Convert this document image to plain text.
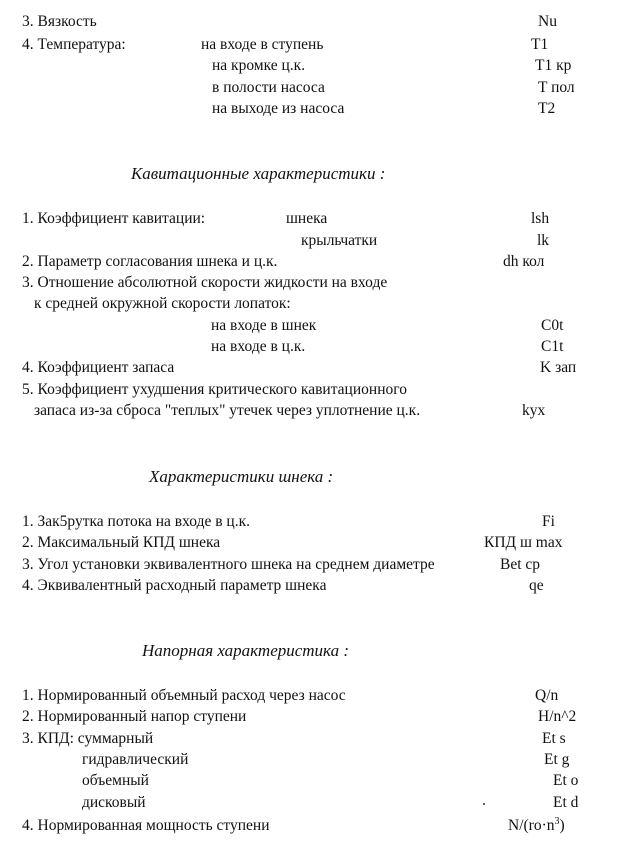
3. Вязкость	Nu
4. Температура:	на входе в ступень	T1
на кромке ц.к.	T1 кр
в полости насоса	T пол
на выходе из насоса	T2
Кавитационные характеристики :
1. Коэффициент кавитации:	шнека	lsh
крыльчатки	lk
2. Параметр согласования шнека и ц.к.	dh кол
3. Отношение абсолютной скорости жидкости на входе
к средней окружной скорости лопаток:
на входе в шнек	C0t
на входе в ц.к.	C1t
4. Коэффициент запаса	K зап
5. Коэффициент ухудшения критического кавитационного
запаса из-за сброса "теплых" утечек через уплотнение ц.к.	kyx
Характеристики шнека :
1. Зак5рутка потока на входе в ц.к.	Fi
2. Максимальный КПД шнека	КПД ш max
3. Угол установки эквивалентного шнека на среднем диаметре	Bet cp
4. Эквивалентный расходный параметр шнека	qe
Напорная характеристика :
1. Нормированный объемный расход через насос	Q/n
2. Нормированный напор ступени	H/n^2
3. КПД: суммарный	Et s
гидравлический	Et g
объемный	Et o
дисковый	Et d
4. Нормированная мощность ступени	$N/(ro\cdot n^3)$
